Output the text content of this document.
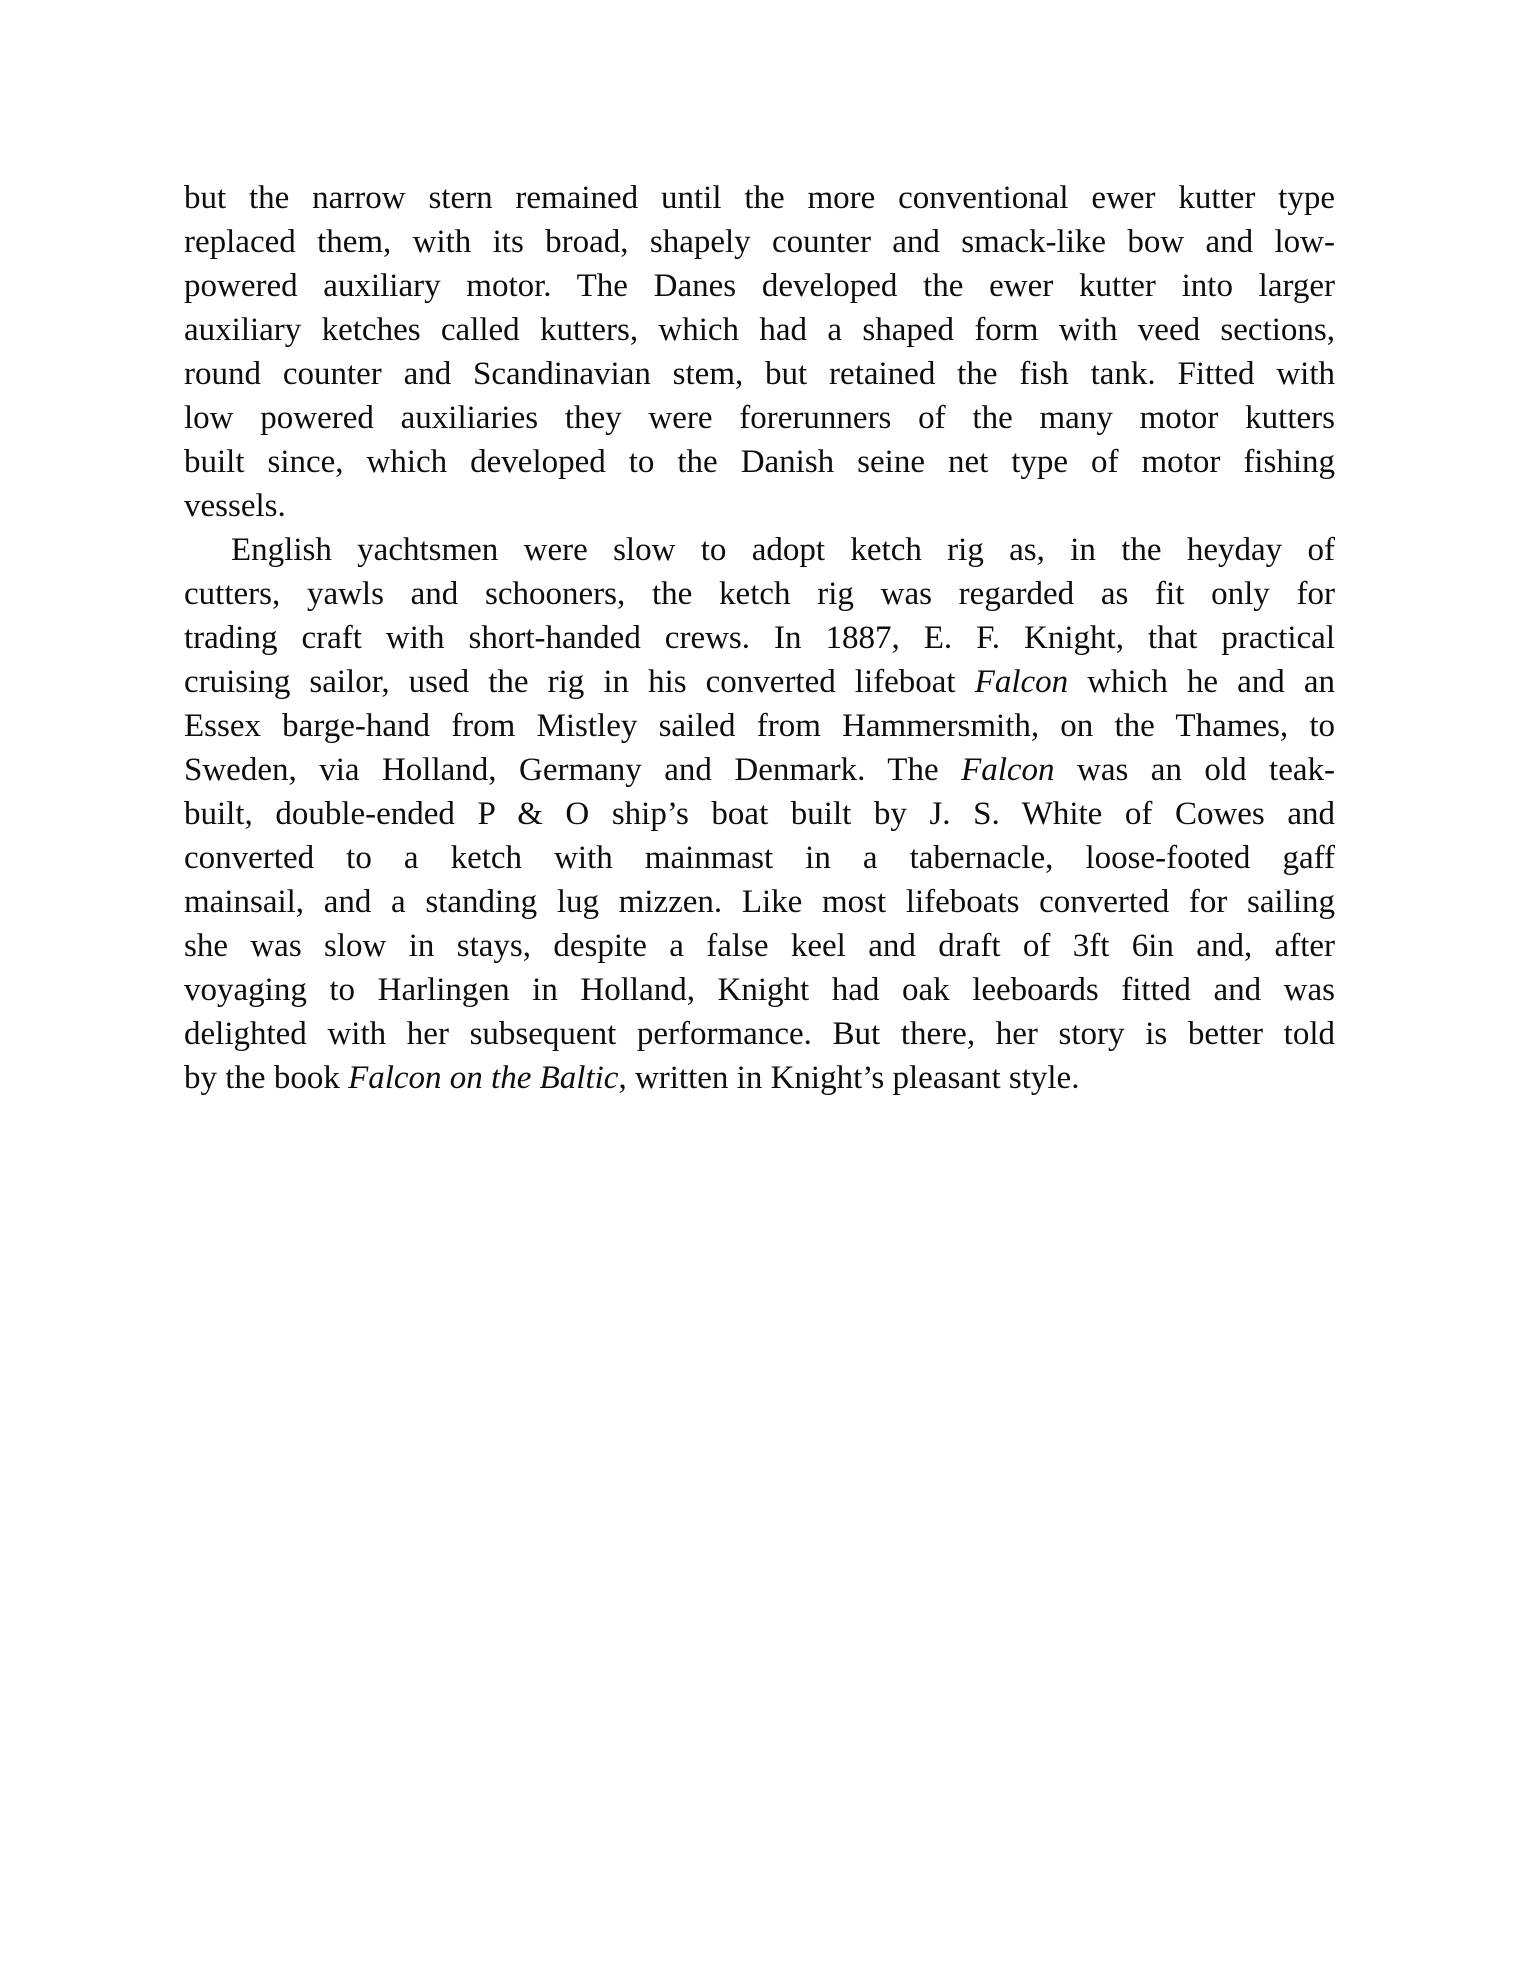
but the narrow stern remained until the more conventional ewer kutter type
replaced them, with its broad, shapely counter and smack-like bow and low-
powered auxiliary motor. The Danes developed the ewer kutter into larger
auxiliary ketches called kutters, which had a shaped form with veed sections,
round counter and Scandinavian stem, but retained the fish tank. Fitted with
low powered auxiliaries they were forerunners of the many motor kutters
built since, which developed to the Danish seine net type of motor fishing
vessels.
English yachtsmen were slow to adopt ketch rig as, in the heyday of
cutters, yawls and schooners, the ketch rig was regarded as fit only for
trading craft with short-handed crews. In 1887, E. F. Knight, that practical
cruising sailor, used the rig in his converted lifeboat Falcon which he and an
Essex barge-hand from Mistley sailed from Hammersmith, on the Thames, to
Sweden, via Holland, Germany and Denmark. The Falcon was an old teak-
built, double-ended P & O ship’s boat built by J. S. White of Cowes and
converted to a ketch with mainmast in a tabernacle, loose-footed gaff
mainsail, and a standing lug mizzen. Like most lifeboats converted for sailing
she was slow in stays, despite a false keel and draft of 3ft 6in and, after
voyaging to Harlingen in Holland, Knight had oak leeboards fitted and was
delighted with her subsequent performance. But there, her story is better told
by the book Falcon on the Baltic, written in Knight’s pleasant style.
